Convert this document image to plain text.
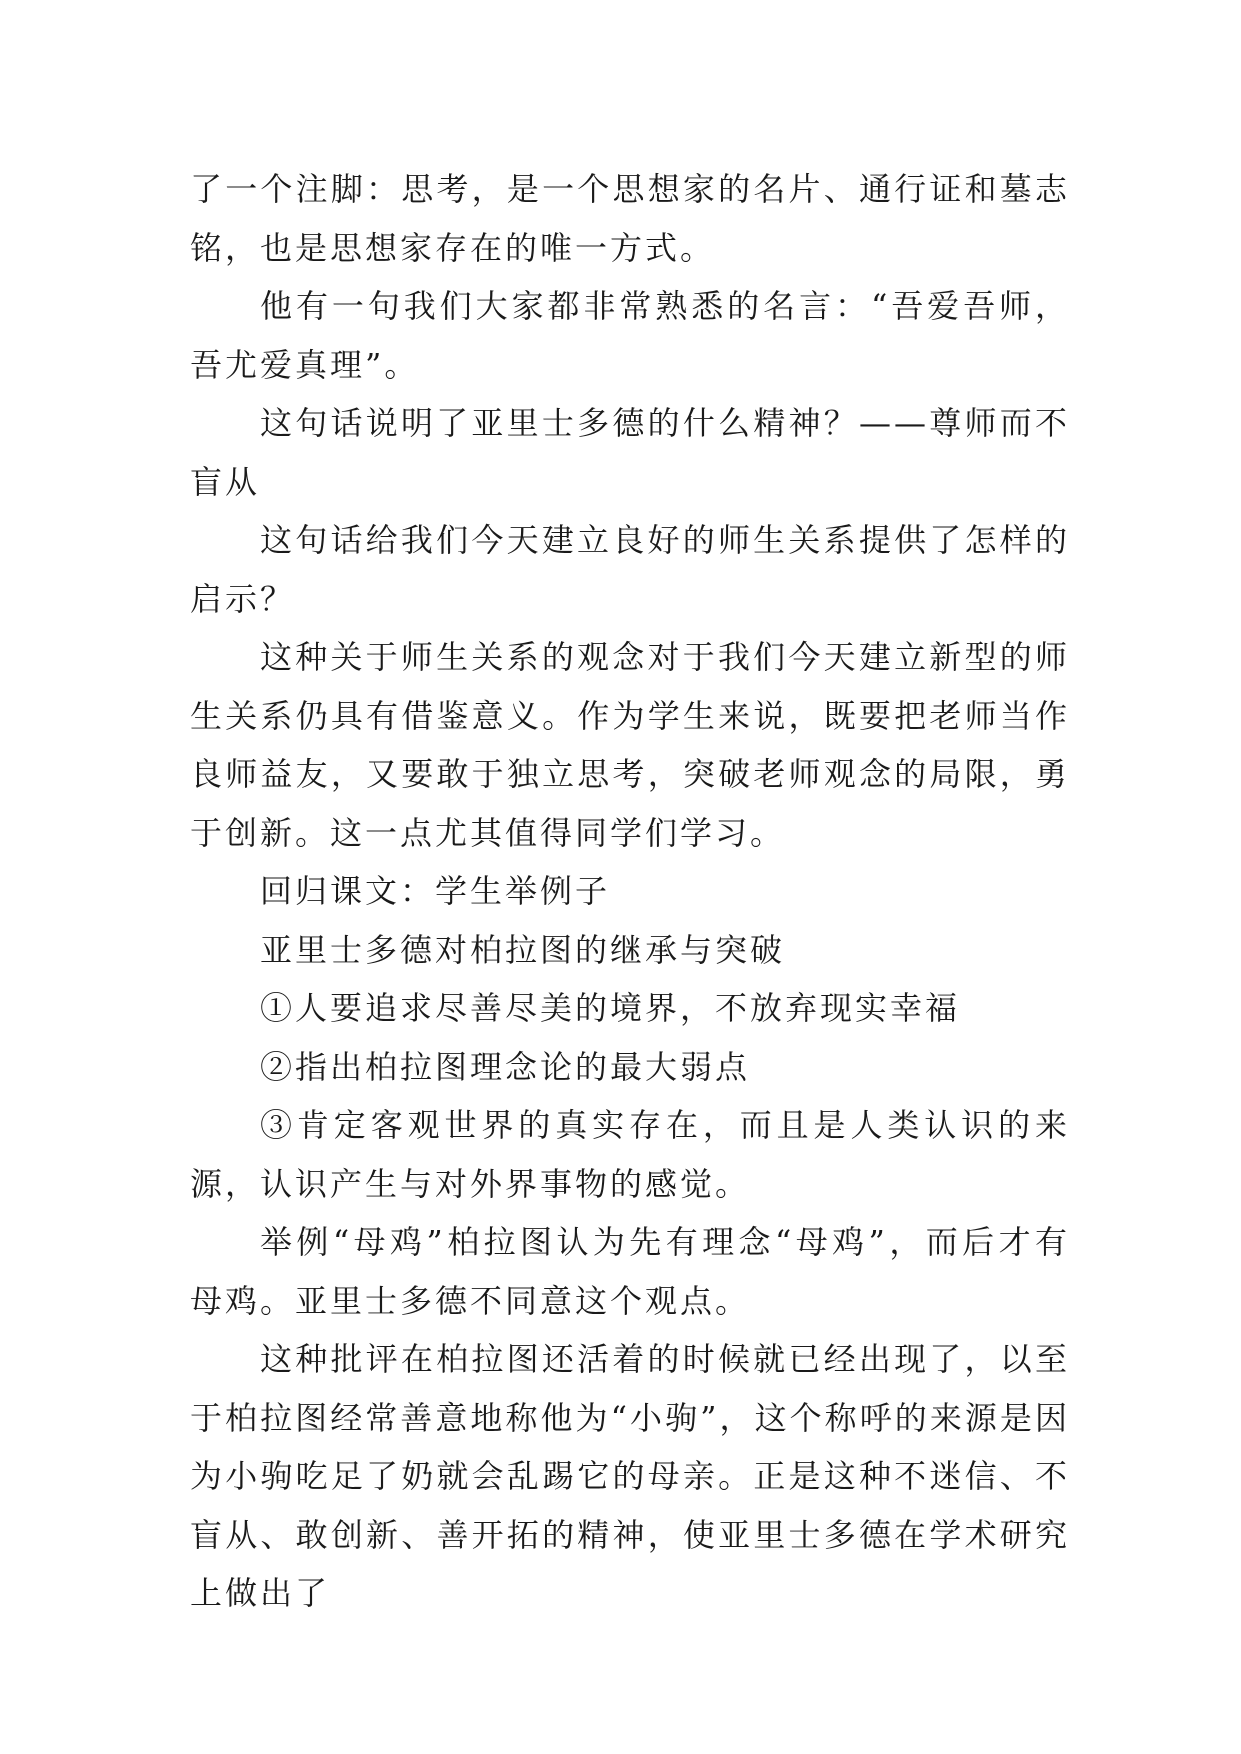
了一个注脚：思考，是一个思想家的名片、通行证和墓志铭，也是思想家存在的唯一方式。

他有一句我们大家都非常熟悉的名言：“吾爱吾师，吾尤爱真理”。

这句话说明了亚里士多德的什么精神？——尊师而不盲从

这句话给我们今天建立良好的师生关系提供了怎样的启示？

这种关于师生关系的观念对于我们今天建立新型的师生关系仍具有借鉴意义。作为学生来说，既要把老师当作良师益友，又要敢于独立思考，突破老师观念的局限，勇于创新。这一点尤其值得同学们学习。

回归课文：学生举例子

亚里士多德对柏拉图的继承与突破

①人要追求尽善尽美的境界，不放弃现实幸福

②指出柏拉图理念论的最大弱点

③肯定客观世界的真实存在，而且是人类认识的来源，认识产生与对外界事物的感觉。

举例“母鸡”柏拉图认为先有理念“母鸡”，而后才有母鸡。亚里士多德不同意这个观点。

这种批评在柏拉图还活着的时候就已经出现了，以至于柏拉图经常善意地称他为“小驹”，这个称呼的来源是因为小驹吃足了奶就会乱踢它的母亲。正是这种不迷信、不盲从、敢创新、善开拓的精神，使亚里士多德在学术研究上做出了
